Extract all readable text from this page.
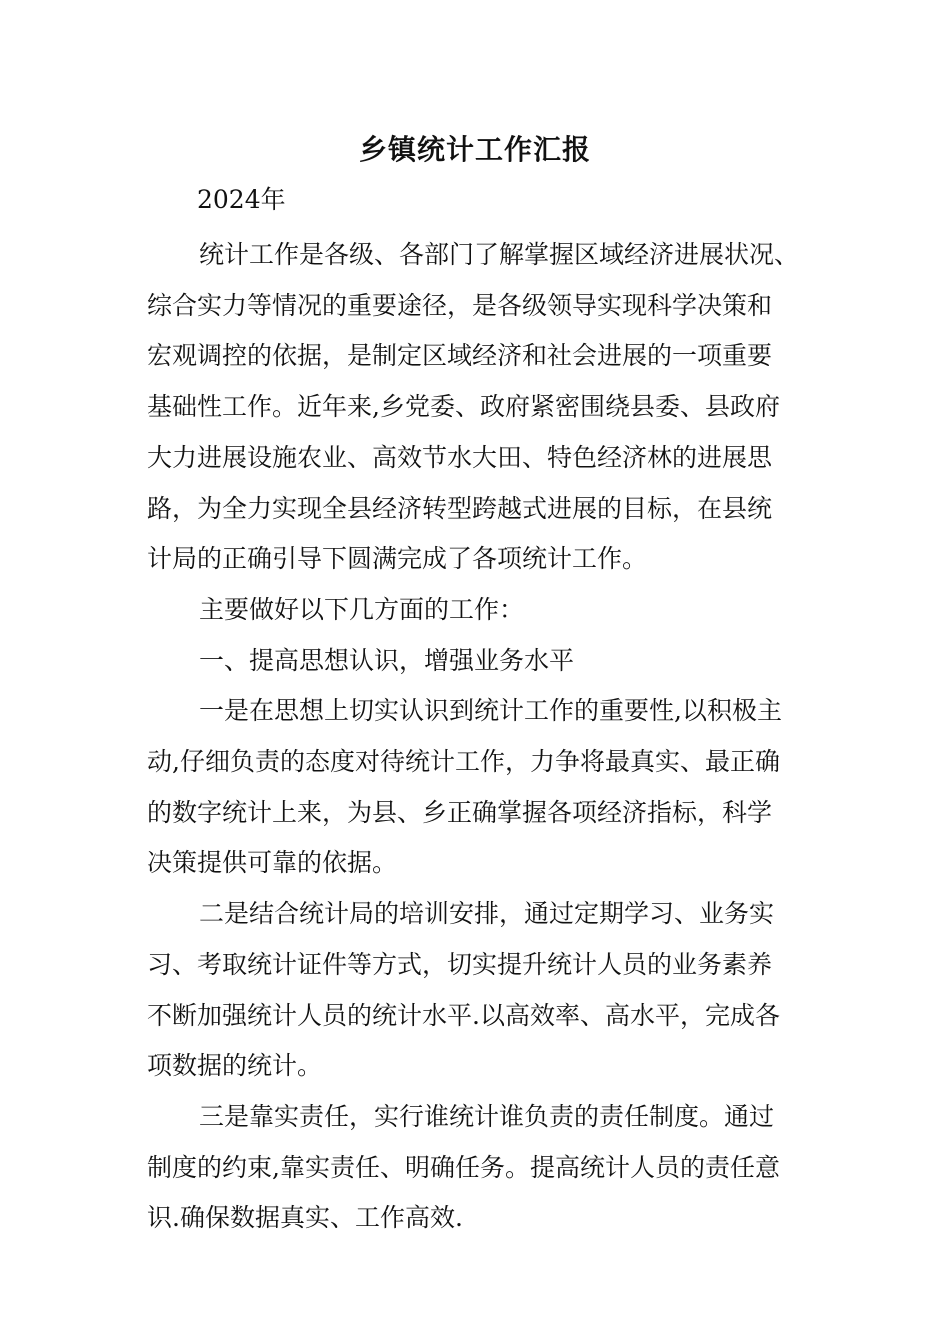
乡镇统计工作汇报
2024年

统计工作是各级、各部门了解掌握区域经济进展状况、
综合实力等情况的重要途径，是各级领导实现科学决策和
宏观调控的依据，是制定区域经济和社会进展的一项重要
基础性工作。近年来,乡党委、政府紧密围绕县委、县政府
大力进展设施农业、高效节水大田、特色经济林的进展思
路，为全力实现全县经济转型跨越式进展的目标，在县统
计局的正确引导下圆满完成了各项统计工作。

主要做好以下几方面的工作：

一、提高思想认识，增强业务水平

一是在思想上切实认识到统计工作的重要性,以积极主
动,仔细负责的态度对待统计工作，力争将最真实、最正确
的数字统计上来，为县、乡正确掌握各项经济指标，科学
决策提供可靠的依据。

二是结合统计局的培训安排，通过定期学习、业务实
习、考取统计证件等方式，切实提升统计人员的业务素养
不断加强统计人员的统计水平.以高效率、高水平，完成各
项数据的统计。

三是靠实责任，实行谁统计谁负责的责任制度。通过
制度的约束,靠实责任、明确任务。提高统计人员的责任意
识.确保数据真实、工作高效.
